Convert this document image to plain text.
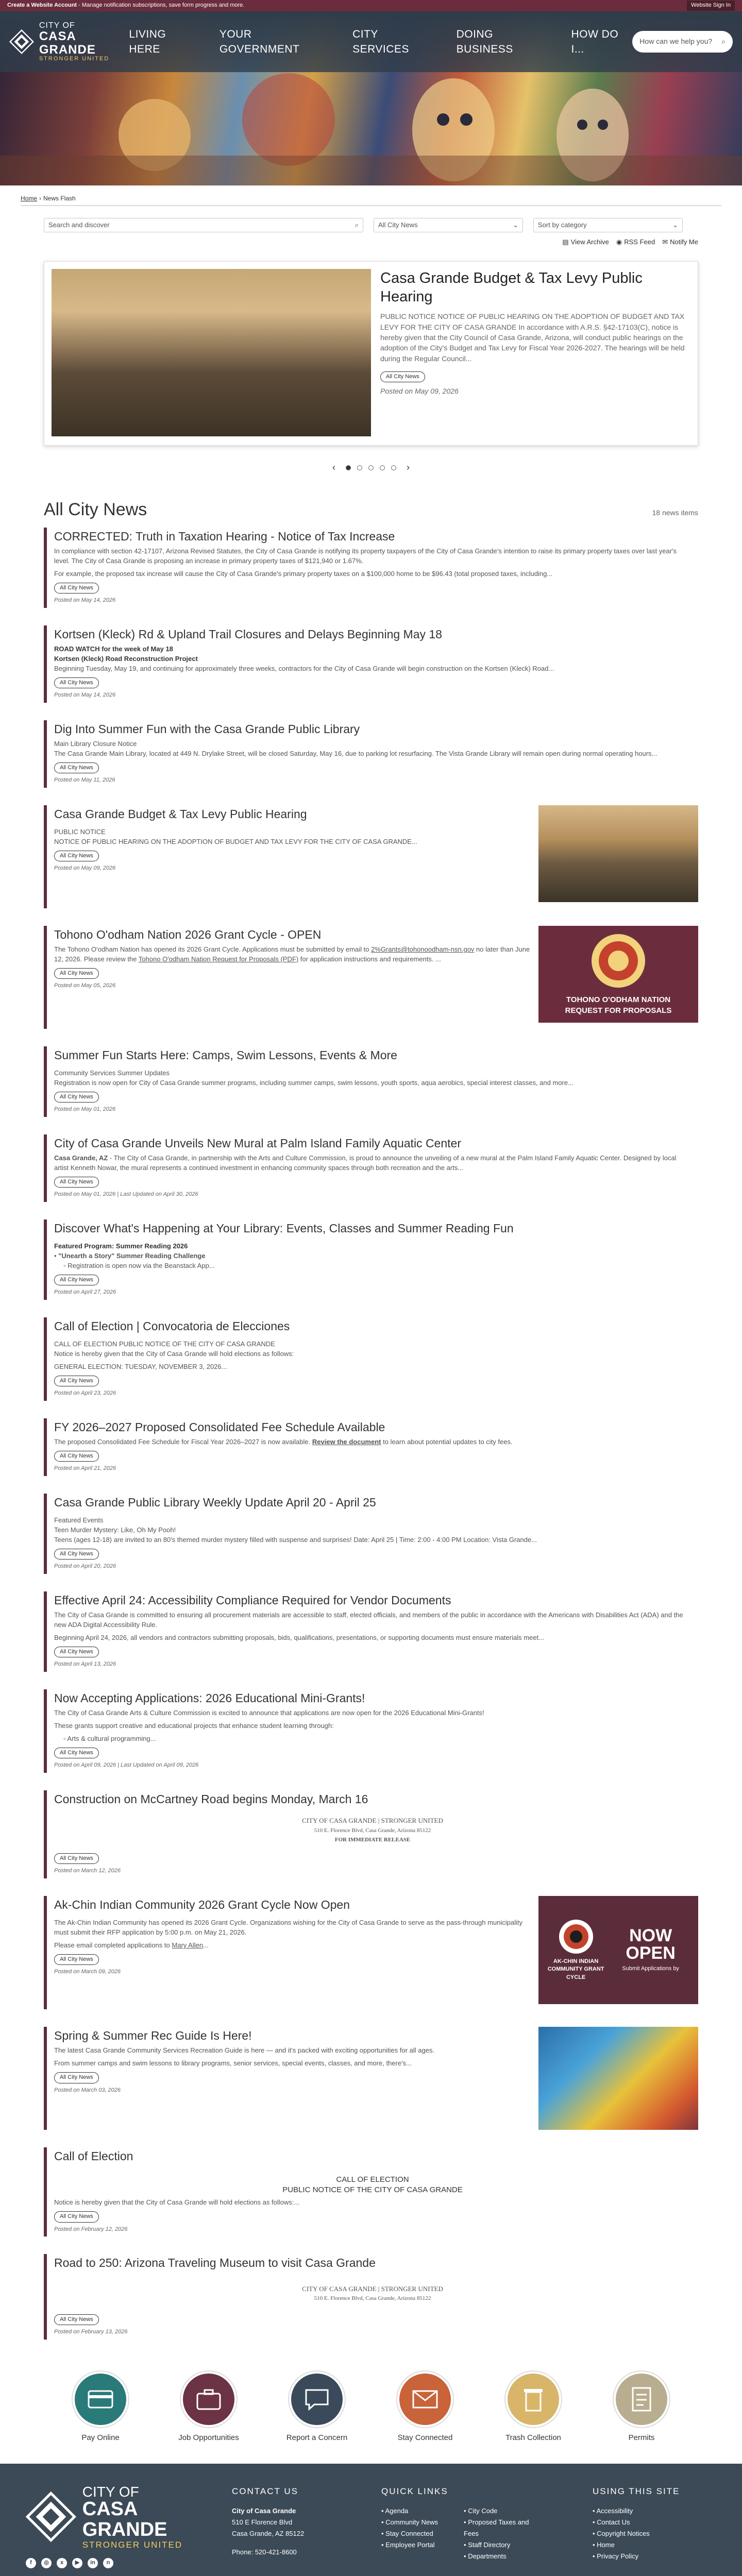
Create a Website Account - Manage notification subscriptions, save form progress and more.	Website Sign In
CITY OF
CASA GRANDE
STRONGER UNITED
LIVING HERE
YOUR GOVERNMENT
CITY SERVICES
DOING BUSINESS
HOW DO I...
How can we help you? ⌕
Home › News Flash
Search and discover	⌕	All City News	⌄	Sort by category	⌄
▤ View Archive ◉ RSS Feed ✉ Notify Me
Casa Grande Budget & Tax Levy Public Hearing

PUBLIC NOTICE NOTICE OF PUBLIC HEARING ON THE ADOPTION OF BUDGET AND TAX LEVY FOR THE CITY OF CASA GRANDE In accordance with A.R.S. §42-17103(C), notice is hereby given that the City Council of Casa Grande, Arizona, will conduct public hearings on the adoption of the City's Budget and Tax Levy for Fiscal Year 2026-2027. The hearings will be held during the Regular Council...

All City News
Posted on May 09, 2026
‹	›
All City News	18 news items
CORRECTED: Truth in Taxation Hearing - Notice of Tax Increase
In compliance with section 42-17107, Arizona Revised Statutes, the City of Casa Grande is notifying its property taxpayers of the City of Casa Grande's intention to raise its primary property taxes over last year's level. The City of Casa Grande is proposing an increase in primary property taxes of $121,940 or 1.67%.
For example, the proposed tax increase will cause the City of Casa Grande's primary property taxes on a $100,000 home to be $96.43 (total proposed taxes, including...
All City News
Posted on May 14, 2026
Kortsen (Kleck) Rd & Upland Trail Closures and Delays Beginning May 18
ROAD WATCH for the week of May 18
Kortsen (Kleck) Road Reconstruction Project
Beginning Tuesday, May 19, and continuing for approximately three weeks, contractors for the City of Casa Grande will begin construction on the Kortsen (Kleck) Road...
All City News
Posted on May 14, 2026
Dig Into Summer Fun with the Casa Grande Public Library
Main Library Closure Notice
The Casa Grande Main Library, located at 449 N. Drylake Street, will be closed Saturday, May 16, due to parking lot resurfacing. The Vista Grande Library will remain open during normal operating hours...
All City News
Posted on May 11, 2026
Casa Grande Budget & Tax Levy Public Hearing
PUBLIC NOTICE
NOTICE OF PUBLIC HEARING ON THE ADOPTION OF BUDGET AND TAX LEVY FOR THE CITY OF CASA GRANDE...
All City News
Posted on May 09, 2026
Tohono O'odham Nation 2026 Grant Cycle - OPEN
The Tohono O'odham Nation has opened its 2026 Grant Cycle. Applications must be submitted by email to 2%Grants@tohonoodham-nsn.gov no later than June 12, 2026. Please review the Tohono O'odham Nation Request for Proposals (PDF) for application instructions and requirements. ...
All City News
Posted on May 05, 2026
TOHONO O'ODHAM NATION REQUEST FOR PROPOSALS
Summer Fun Starts Here: Camps, Swim Lessons, Events & More
Community Services Summer Updates
Registration is now open for City of Casa Grande summer programs, including summer camps, swim lessons, youth sports, aqua aerobics, special interest classes, and more...
All City News
Posted on May 01, 2026
City of Casa Grande Unveils New Mural at Palm Island Family Aquatic Center
Casa Grande, AZ - The City of Casa Grande, in partnership with the Arts and Culture Commission, is proud to announce the unveiling of a new mural at the Palm Island Family Aquatic Center. Designed by local artist Kenneth Nowar, the mural represents a continued investment in enhancing community spaces through both recreation and the arts...
All City News
Posted on May 01, 2026 | Last Updated on April 30, 2026
Discover What's Happening at Your Library: Events, Classes and Summer Reading Fun
Featured Program: Summer Reading 2026
• "Unearth a Story" Summer Reading Challenge
◦ Registration is open now via the Beanstack App...
All City News
Posted on April 27, 2026
Call of Election | Convocatoria de Elecciones
CALL OF ELECTION PUBLIC NOTICE OF THE CITY OF CASA GRANDE
Notice is hereby given that the City of Casa Grande will hold elections as follows:
GENERAL ELECTION: TUESDAY, NOVEMBER 3, 2026...
All City News
Posted on April 23, 2026
FY 2026–2027 Proposed Consolidated Fee Schedule Available
The proposed Consolidated Fee Schedule for Fiscal Year 2026–2027 is now available. Review the document to learn about potential updates to city fees.
All City News
Posted on April 21, 2026
Casa Grande Public Library Weekly Update April 20 - April 25
Featured Events
Teen Murder Mystery: Like, Oh My Pooh!
Teens (ages 12-18) are invited to an 80's themed murder mystery filled with suspense and surprises! Date: April 25 | Time: 2:00 - 4:00 PM Location: Vista Grande...
All City News
Posted on April 20, 2026
Effective April 24: Accessibility Compliance Required for Vendor Documents
The City of Casa Grande is committed to ensuring all procurement materials are accessible to staff, elected officials, and members of the public in accordance with the Americans with Disabilities Act (ADA) and the new ADA Digital Accessibility Rule.
Beginning April 24, 2026, all vendors and contractors submitting proposals, bids, qualifications, presentations, or supporting documents must ensure materials meet...
All City News
Posted on April 13, 2026
Now Accepting Applications: 2026 Educational Mini-Grants!
The City of Casa Grande Arts & Culture Commission is excited to announce that applications are now open for the 2026 Educational Mini-Grants!
These grants support creative and educational projects that enhance student learning through:
◦ Arts & cultural programming...
All City News
Posted on April 09, 2026 | Last Updated on April 09, 2026
Construction on McCartney Road begins Monday, March 16
CITY OF CASA GRANDE | STRONGER UNITED
510 E. Florence Blvd, Casa Grande, Arizona 85122
FOR IMMEDIATE RELEASE
All City News
Posted on March 12, 2026
Ak-Chin Indian Community 2026 Grant Cycle Now Open
The Ak-Chin Indian Community has opened its 2026 Grant Cycle. Organizations wishing for the City of Casa Grande to serve as the pass-through municipality must submit their RFP application by 5:00 p.m. on May 21, 2026.
Please email completed applications to Mary Allen...
All City News
Posted on March 09, 2026
AK-CHIN INDIAN COMMUNITY GRANT CYCLE
NOW OPEN
Submit Applications by
Spring & Summer Rec Guide Is Here!
The latest Casa Grande Community Services Recreation Guide is here — and it's packed with exciting opportunities for all ages.
From summer camps and swim lessons to library programs, senior services, special events, classes, and more, there's...
All City News
Posted on March 03, 2026
Call of Election
CALL OF ELECTION
PUBLIC NOTICE OF THE CITY OF CASA GRANDE
Notice is hereby given that the City of Casa Grande will hold elections as follows:...
All City News
Posted on February 12, 2026
Road to 250: Arizona Traveling Museum to visit Casa Grande
CITY OF CASA GRANDE | STRONGER UNITED
510 E. Florence Blvd, Casa Grande, Arizona 85122
All City News
Posted on February 13, 2026
Pay Online	Job Opportunities	Report a Concern	Stay Connected	Trash Collection	Permits
CITY OF
CASA GRANDE
STRONGER UNITED
f	◎	x	▶	in	n
CONTACT US
City of Casa Grande
510 E Florence Blvd
Casa Grande, AZ 85122
Phone: 520-421-8600
QUICK LINKS
• Agenda
• Community News
• Stay Connected
• Employee Portal
• City Code
• Proposed Taxes and Fees
• Staff Directory
• Departments
USING THIS SITE
• Accessibility
• Contact Us
• Copyright Notices
• Home
• Privacy Policy
